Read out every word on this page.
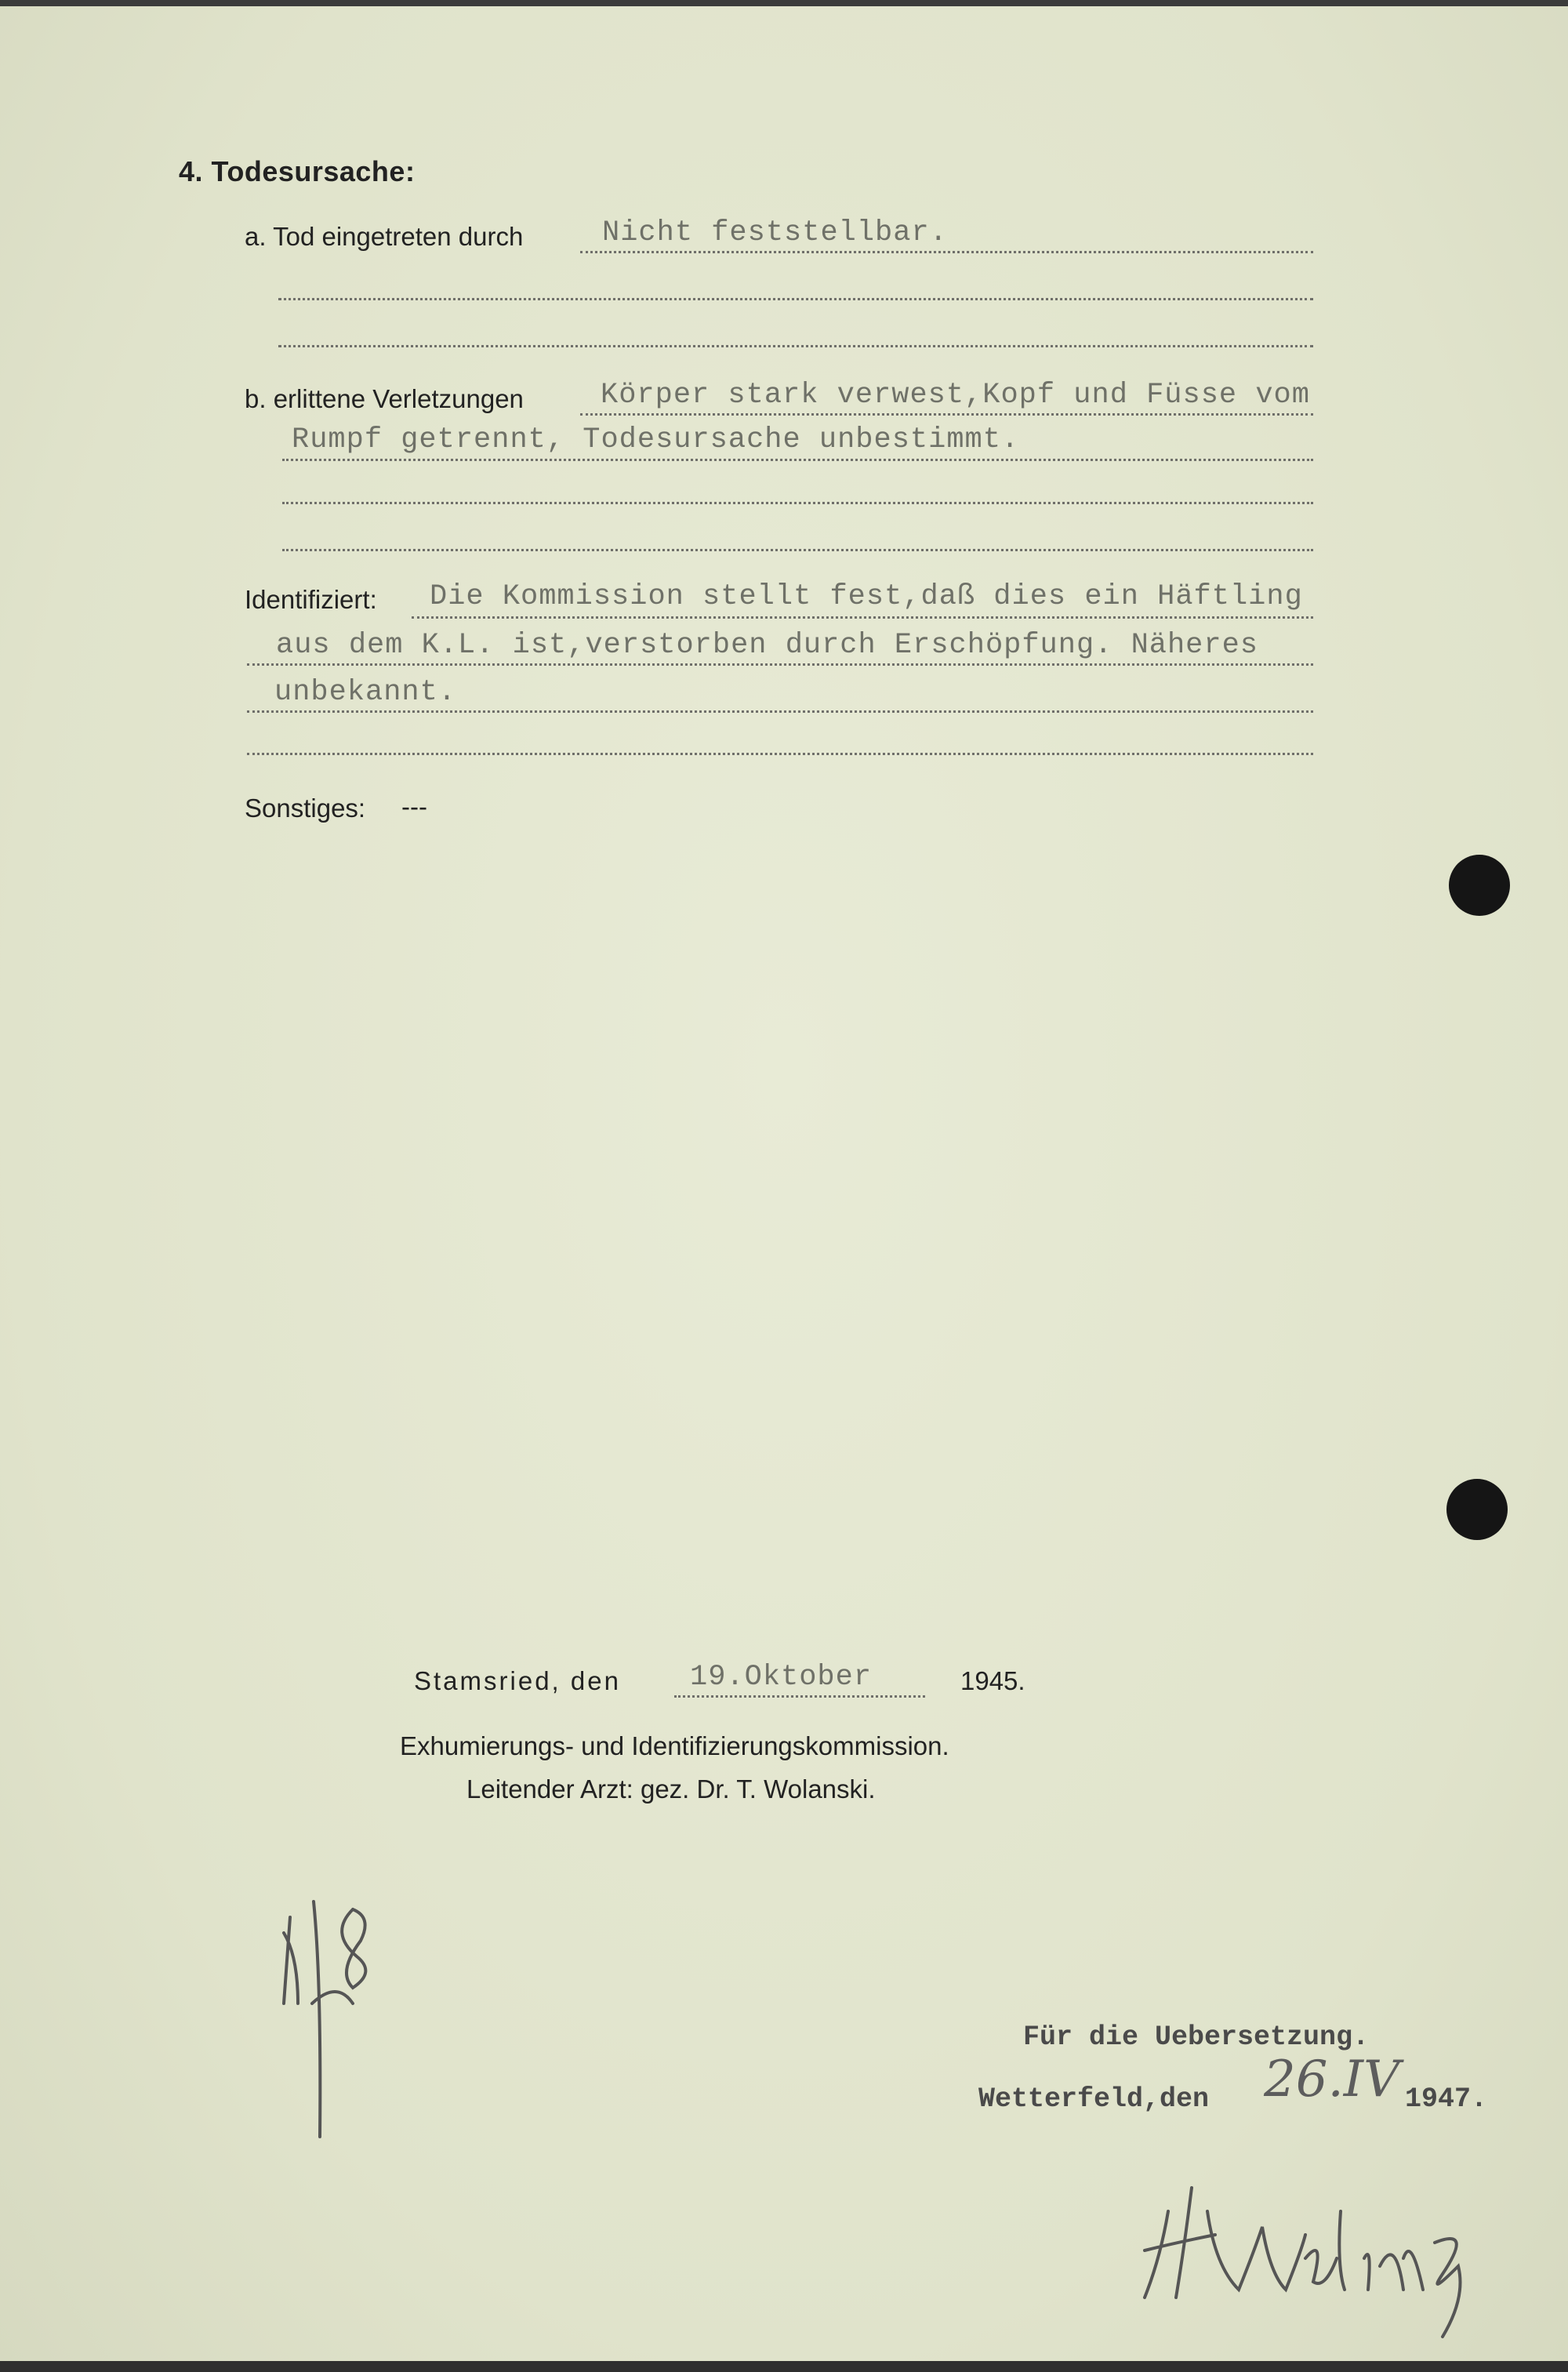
4. Todesursache:
a. Tod eingetreten durch	Nicht feststellbar.
b. erlittene Verletzungen	Körper stark verwest,Kopf und Füsse vom
Rumpf getrennt, Todesursache unbestimmt.
Identifiziert: Die Kommission stellt fest,daß dies ein Häftling
aus dem K.L. ist,verstorben durch Erschöpfung. Näheres
unbekannt.
Sonstiges: ---
Stamsried, den 19.Oktober	1945.
Exhumierungs- und Identifizierungskommission.
Leitender Arzt: gez. Dr. T. Wolanski.
Für die Uebersetzung.
Wetterfeld,den 26.IV 1947.
